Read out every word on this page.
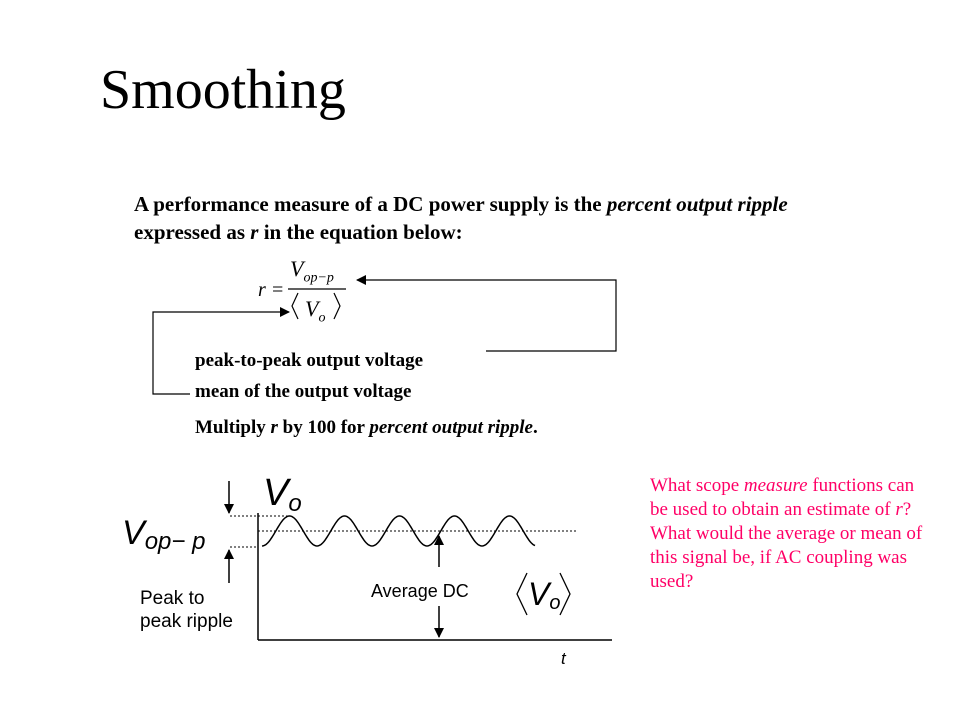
Smoothing
A performance measure of a DC power supply is the percent output ripple expressed as r in the equation below:
r =
$V_{op-p}$
$V_o$
peak-to-peak output voltage
mean of the output voltage
Multiply r by 100 for percent output ripple.
Vo
Vop− p
Peak to
peak ripple
Average DC Vo
t
What scope measure functions can be used to obtain an estimate of r? What would the average or mean of this signal be, if AC coupling was used?
